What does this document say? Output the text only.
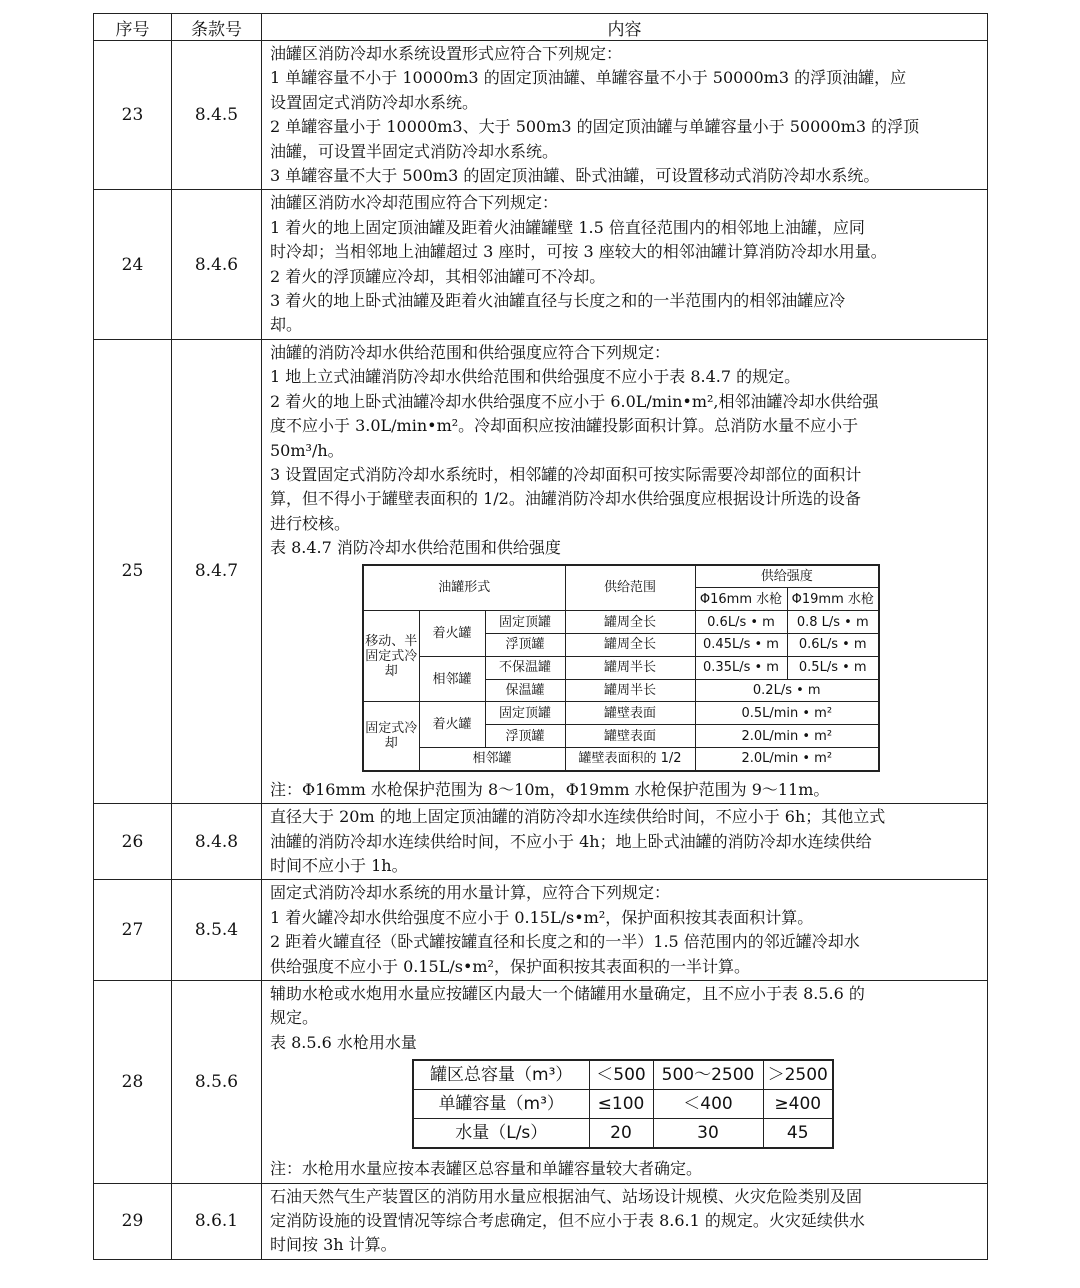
序号	条款号	内容
23	8.4.5	
油罐区消防冷却水系统设置形式应符合下列规定：
1 单罐容量不小于 10000m3 的固定顶油罐、单罐容量不小于 50000m3 的浮顶油罐，应
设置固定式消防冷却水系统。
2 单罐容量小于 10000m3、大于 500m3 的固定顶油罐与单罐容量小于 50000m3 的浮顶
油罐，可设置半固定式消防冷却水系统。
3 单罐容量不大于 500m3 的固定顶油罐、卧式油罐，可设置移动式消防冷却水系统。

24	8.4.6	
油罐区消防水冷却范围应符合下列规定：
1 着火的地上固定顶油罐及距着火油罐罐壁 1.5 倍直径范围内的相邻地上油罐，应同
时冷却；当相邻地上油罐超过 3 座时，可按 3 座较大的相邻油罐计算消防冷却水用量。
2 着火的浮顶罐应冷却，其相邻油罐可不冷却。
3 着火的地上卧式油罐及距着火油罐直径与长度之和的一半范围内的相邻油罐应冷
却。

25	8.4.7	
油罐的消防冷却水供给范围和供给强度应符合下列规定：
1 地上立式油罐消防冷却水供给范围和供给强度不应小于表 8.4.7 的规定。
2 着火的地上卧式油罐冷却水供给强度不应小于 6.0L/min•m²,相邻油罐冷却水供给强
度不应小于 3.0L/min•m²。冷却面积应按油罐投影面积计算。总消防水量不应小于
50m³/h。
3 设置固定式消防冷却水系统时，相邻罐的冷却面积可按实际需要冷却部位的面积计
算，但不得小于罐壁表面积的 1/2。油罐消防冷却水供给强度应根据设计所选的设备
进行校核。
表 8.4.7 消防冷却水供给范围和供给强度
油罐形式	供给范围	供给强度
Φ16mm 水枪	Φ19mm 水枪
移动、半固定式冷却	着火罐	固定顶罐	罐周全长	0.6L/s • m	0.8 L/s • m
浮顶罐	罐周全长	0.45L/s • m	0.6L/s • m
相邻罐	不保温罐	罐周半长	0.35L/s • m	0.5L/s • m
保温罐	罐周半长	0.2L/s • m
固定式冷却	着火罐	固定顶罐	罐壁表面	0.5L/min • m²
浮顶罐	罐壁表面	2.0L/min • m²
相邻罐	罐壁表面积的 1/2	2.0L/min • m²
注：Φ16mm 水枪保护范围为 8～10m，Φ19mm 水枪保护范围为 9～11m。

26	8.4.8	
直径大于 20m 的地上固定顶油罐的消防冷却水连续供给时间，不应小于 6h；其他立式
油罐的消防冷却水连续供给时间，不应小于 4h；地上卧式油罐的消防冷却水连续供给
时间不应小于 1h。

27	8.5.4	
固定式消防冷却水系统的用水量计算，应符合下列规定：
1 着火罐冷却水供给强度不应小于 0.15L/s•m²，保护面积按其表面积计算。
2 距着火罐直径（卧式罐按罐直径和长度之和的一半）1.5 倍范围内的邻近罐冷却水
供给强度不应小于 0.15L/s•m²，保护面积按其表面积的一半计算。

28	8.5.6	
辅助水枪或水炮用水量应按罐区内最大一个储罐用水量确定，且不应小于表 8.5.6 的
规定。
表 8.5.6 水枪用水量
罐区总容量（m³）	＜500	500～2500	＞2500
单罐容量（m³）	≤100	＜400	≥400
水量（L/s）	20	30	45
注：水枪用水量应按本表罐区总容量和单罐容量较大者确定。

29	8.6.1	
石油天然气生产装置区的消防用水量应根据油气、站场设计规模、火灾危险类别及固
定消防设施的设置情况等综合考虑确定，但不应小于表 8.6.1 的规定。火灾延续供水
时间按 3h 计算。
